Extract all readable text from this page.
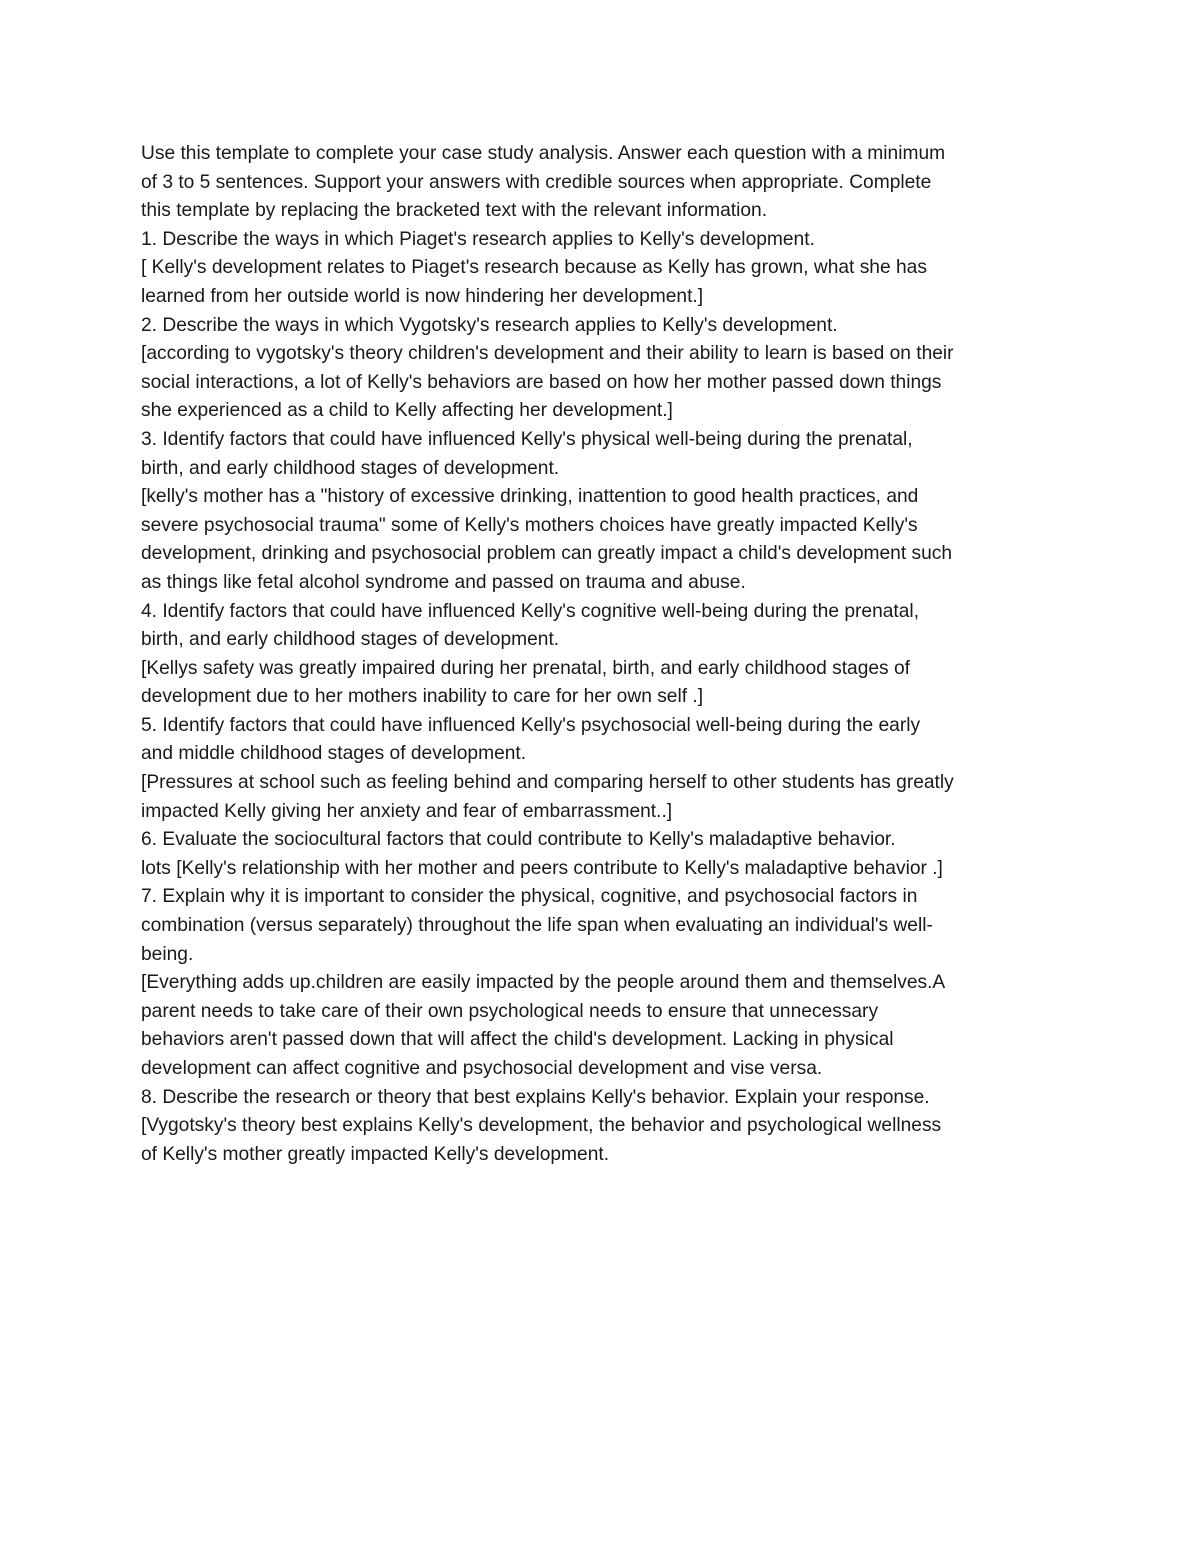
Use this template to complete your case study analysis. Answer each question with a minimum
of 3 to 5 sentences. Support your answers with credible sources when appropriate. Complete
this template by replacing the bracketed text with the relevant information.

1. Describe the ways in which Piaget's research applies to Kelly's development.
[ Kelly's development relates to Piaget's research because as Kelly has grown, what she has
learned from her outside world is now hindering her development.]

2. Describe the ways in which Vygotsky's research applies to Kelly's development.
[according to vygotsky's theory children's development and their ability to learn is based on their
social interactions, a lot of Kelly's behaviors are based on how her mother passed down things
she experienced as a child to Kelly affecting her development.]

3. Identify factors that could have influenced Kelly's physical well-being during the prenatal,
birth, and early childhood stages of development.
[kelly's mother has a "history of excessive drinking, inattention to good health practices, and
severe psychosocial trauma" some of Kelly's mothers choices have greatly impacted Kelly's
development, drinking and psychosocial problem can greatly impact a child's development such
as things like fetal alcohol syndrome and passed on trauma and abuse.

4. Identify factors that could have influenced Kelly's cognitive well-being during the prenatal,
birth, and early childhood stages of development.
[Kellys safety was greatly impaired during her prenatal, birth, and early childhood stages of
development due to her mothers inability to care for her own self .]

5. Identify factors that could have influenced Kelly's psychosocial well-being during the early
and middle childhood stages of development.
[Pressures at school such as feeling behind and comparing herself to other students has greatly
impacted Kelly giving her anxiety and fear of embarrassment..]

6. Evaluate the sociocultural factors that could contribute to Kelly's maladaptive behavior.
lots [Kelly's relationship with her mother and peers contribute to Kelly's maladaptive behavior .]

7. Explain why it is important to consider the physical, cognitive, and psychosocial factors in
combination (versus separately) throughout the life span when evaluating an individual's well-
being.
[Everything adds up.children are easily impacted by the people around them and themselves.A
parent needs to take care of their own psychological needs to ensure that unnecessary
behaviors aren't passed down that will affect the child's development. Lacking in physical
development can affect cognitive and psychosocial development and vise versa.

8. Describe the research or theory that best explains Kelly's behavior. Explain your response.
[Vygotsky's theory best explains Kelly's development, the behavior and psychological wellness
of Kelly's mother greatly impacted Kelly's development.
